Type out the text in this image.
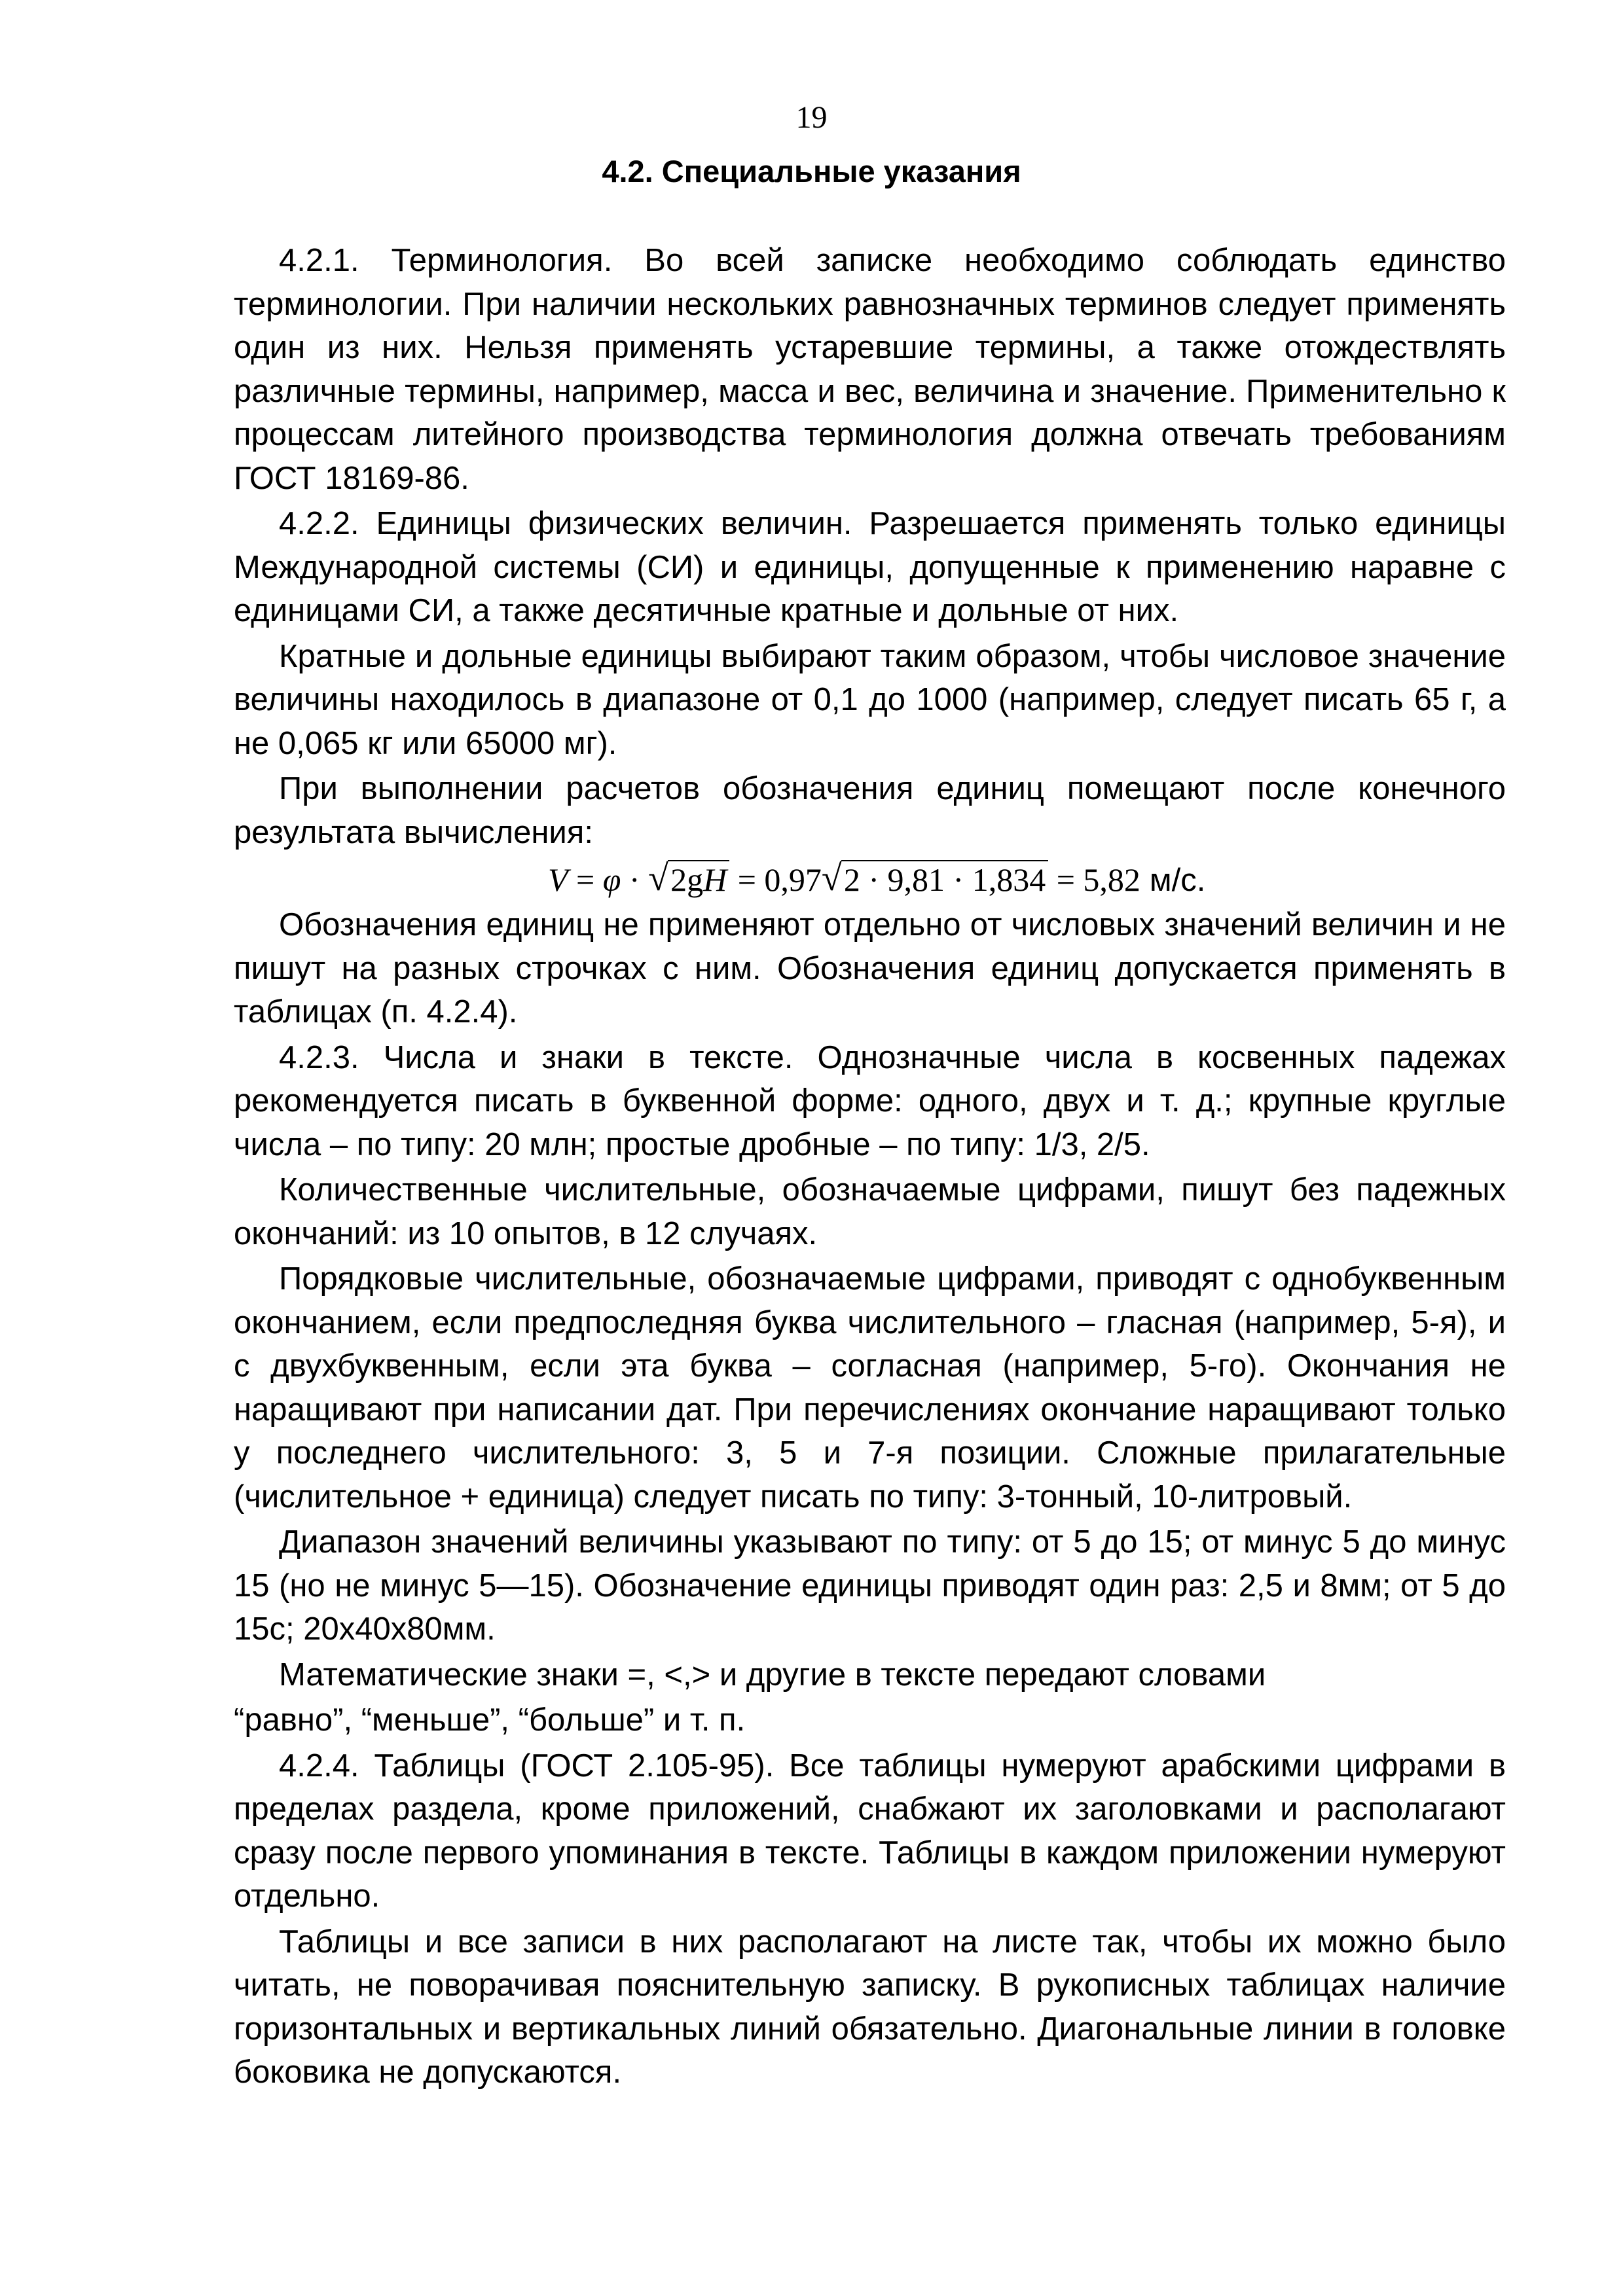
19
4.2. Специальные указания

4.2.1. Терминология. Во всей записке необходимо соблюдать единство терминологии. При наличии нескольких равнозначных терминов следует применять один из них. Нельзя применять устаревшие термины, а также отождествлять различные термины, например, масса и вес, величина и значение. Применительно к процессам литейного производства терминология должна отвечать требованиям ГОСТ 18169-86.

4.2.2. Единицы физических величин. Разрешается применять только единицы Международной системы (СИ) и единицы, допущенные к применению наравне с единицами СИ, а также десятичные кратные и дольные от них.

Кратные и дольные единицы выбирают таким образом, чтобы числовое значение величины находилось в диапазоне от 0,1 до 1000 (например, следует писать 65 г, а не 0,065 кг или 65000 мг).

При выполнении расчетов обозначения единиц помещают после конечного результата вычисления:

V = φ · √ 2gH = 0,97 √ 2 · 9,81 · 1,834 = 5,82 м/с.

Обозначения единиц не применяют отдельно от числовых значений величин и не пишут на разных строчках с ним. Обозначения единиц допускается применять в таблицах (п. 4.2.4).

4.2.3. Числа и знаки в тексте. Однозначные числа в косвенных падежах рекомендуется писать в буквенной форме: одного, двух и т. д.; крупные круглые числа – по типу: 20 млн; простые дробные – по типу: 1/3, 2/5.

Количественные числительные, обозначаемые цифрами, пишут без падежных окончаний: из 10 опытов, в 12 случаях.

Порядковые числительные, обозначаемые цифрами, приводят с однобуквенным окончанием, если предпоследняя буква числительного – гласная (например, 5-я), и с двухбуквенным, если эта буква – согласная (например, 5-го). Окончания не наращивают при написании дат. При перечислениях окончание наращивают только у последнего числительного: 3, 5 и 7-я позиции. Сложные прилагательные (числительное + единица) следует писать по типу: 3-тонный, 10-литровый.

Диапазон значений величины указывают по типу: от 5 до 15; от минус 5 до минус 15 (но не минус 5—15). Обозначение единицы приводят один раз: 2,5 и 8мм; от 5 до 15с; 20х40х80мм.

Математические знаки =, <,> и другие в тексте передают словами

“равно”, “меньше”, “больше” и т. п.

4.2.4. Таблицы (ГОСТ 2.105-95). Все таблицы нумеруют арабскими цифрами в пределах раздела, кроме приложений, снабжают их заголовками и располагают сразу после первого упоминания в тексте. Таблицы в каждом приложении нумеруют отдельно.

Таблицы и все записи в них располагают на листе так, чтобы их можно было читать, не поворачивая пояснительную записку. В рукописных таблицах наличие горизонтальных и вертикальных линий обязательно. Диагональные линии в головке боковика не допускаются.
